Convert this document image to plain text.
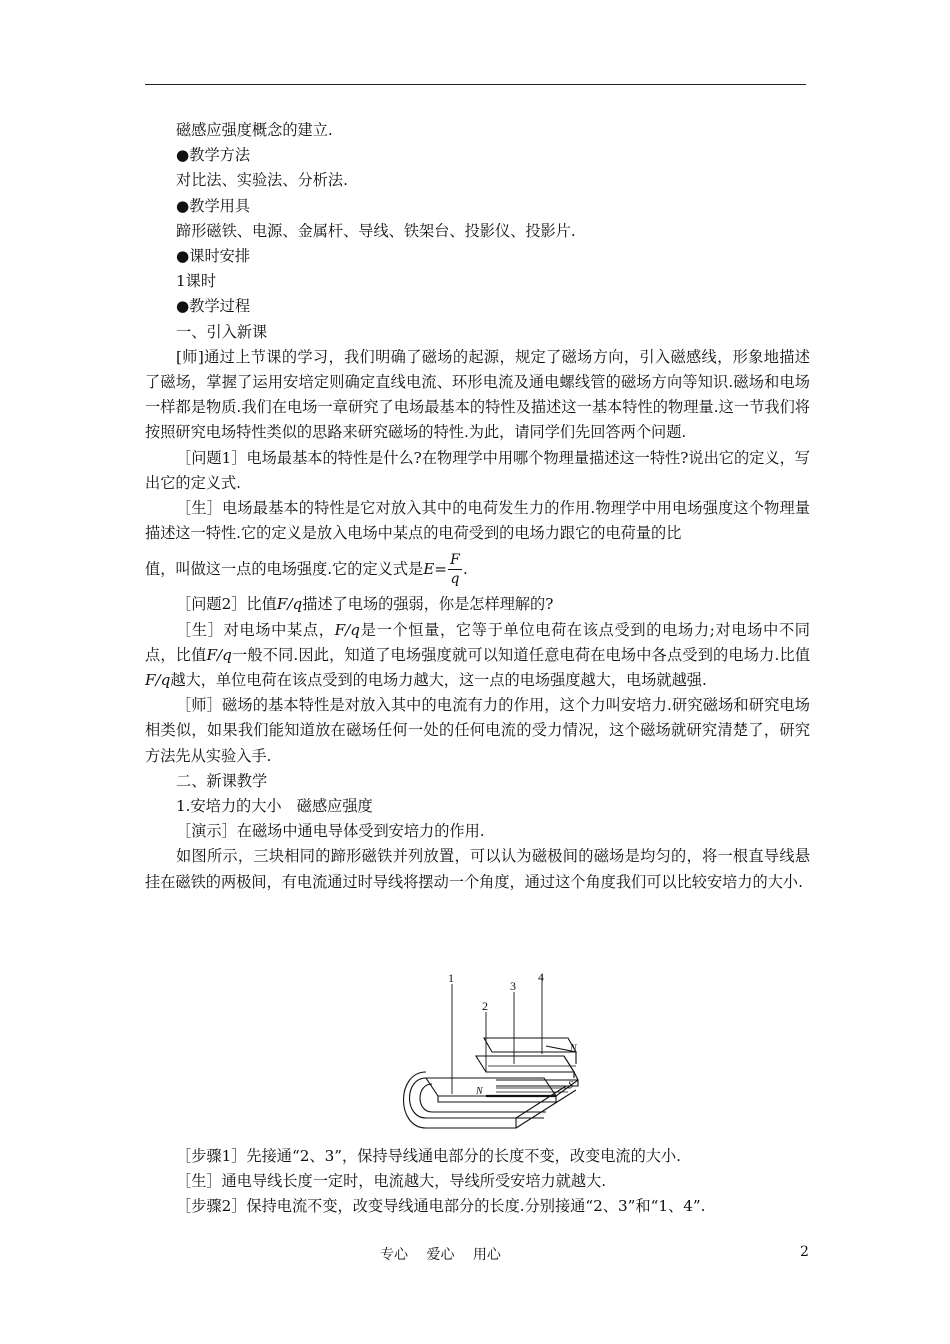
磁感应强度概念的建立.
●教学方法
对比法、实验法、分析法.
●教学用具
蹄形磁铁、电源、金属杆、导线、铁架台、投影仪、投影片.
●课时安排
1课时
●教学过程
一、引入新课
[师]通过上节课的学习，我们明确了磁场的起源，规定了磁场方向，引入磁感线，形象地描述了磁场，掌握了运用安培定则确定直线电流、环形电流及通电螺线管的磁场方向等知识.磁场和电场一样都是物质.我们在电场一章研究了电场最基本的特性及描述这一基本特性的物理量.这一节我们将按照研究电场特性类似的思路来研究磁场的特性.为此，请同学们先回答两个问题.
［问题1］电场最基本的特性是什么?在物理学中用哪个物理量描述这一特性?说出它的定义，写出它的定义式.
［生］电场最基本的特性是它对放入其中的电荷发生力的作用.物理学中用电场强度这个物理量描述这一特性.它的定义是放入电场中某点的电荷受到的电场力跟它的电荷量的比
值，叫做这一点的电场强度.它的定义式是 $E = \frac{F}{q}$ .
［问题2］比值F/q描述了电场的强弱，你是怎样理解的?
［生］对电场中某点，F/q是一个恒量，它等于单位电荷在该点受到的电场力;对电场中不同点，比值F/q一般不同.因此，知道了电场强度就可以知道任意电荷在电场中各点受到的电场力.比值F/q越大，单位电荷在该点受到的电场力越大，这一点的电场强度越大，电场就越强.
［师］磁场的基本特性是对放入其中的电流有力的作用，这个力叫安培力.研究磁场和研究电场相类似，如果我们能知道放在磁场任何一处的任何电流的受力情况，这个磁场就研究清楚了，研究方法先从实验入手.
二、新课教学
1.安培力的大小　磁感应强度
［演示］在磁场中通电导体受到安培力的作用.
如图所示，三块相同的蹄形磁铁并列放置，可以认为磁极间的磁场是均匀的，将一根直导线悬挂在磁铁的两极间，有电流通过时导线将摆动一个角度，通过这个角度我们可以比较安培力的大小.
1
2
3
4
N
N
S
［步骤1］先接通“2、3”，保持导线通电部分的长度不变，改变电流的大小.
［生］通电导线长度一定时，电流越大，导线所受安培力就越大.
［步骤2］保持电流不变，改变导线通电部分的长度.分别接通“2、3”和“1、4”.
专心　 爱心　 用心	2
